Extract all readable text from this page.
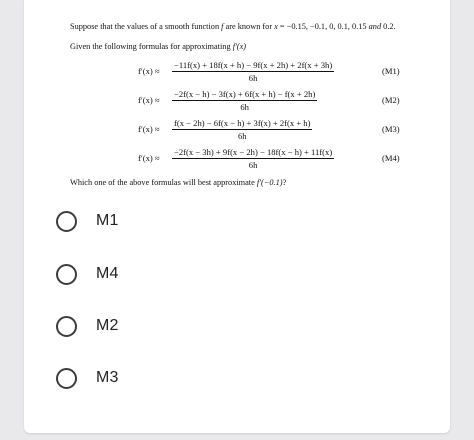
Suppose that the values of a smooth function f are known for x = −0.15, −0.1, 0, 0.1, 0.15 and 0.2.
Given the following formulas for approximating f′(x)
$f'(x) \approx \frac{-11f(x) + 18f(x + h) - 9f(x + 2h) + 2f(x + 3h)}{6h}$	(M1)
$f'(x) \approx \frac{-2f(x - h) - 3f(x) + 6f(x + h) - f(x + 2h)}{6h}$	(M2)
$f'(x) \approx \frac{f(x - 2h) - 6f(x - h) + 3f(x) + 2f(x + h)}{6h}$	(M3)
$f'(x) \approx \frac{-2f(x - 3h) + 9f(x - 2h) - 18f(x - h) + 11f(x)}{6h}$	(M4)
Which one of the above formulas will best approximate f′(−0.1)?
M1
M4
M2
M3
